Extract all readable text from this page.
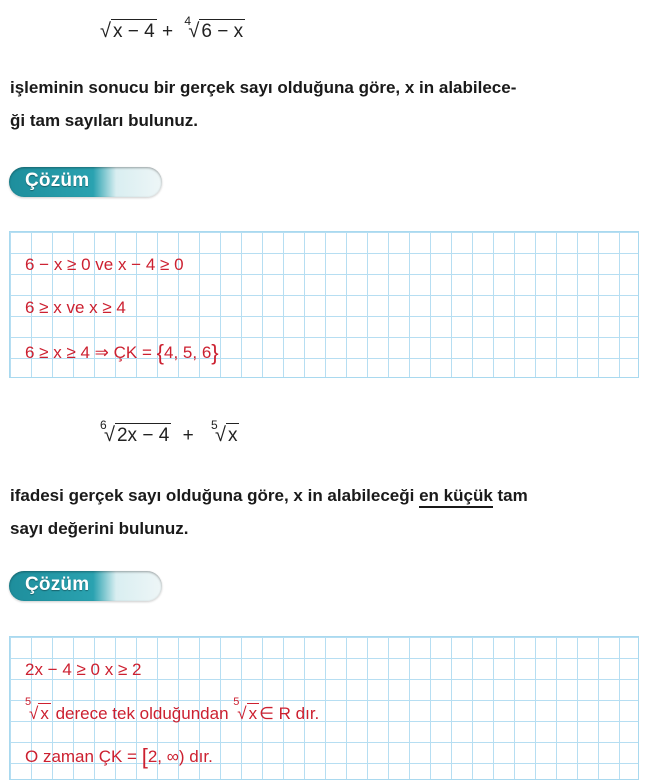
√ x − 4 + 4
√ 6 − x
işleminin sonucu bir gerçek sayı olduğuna göre, x in alabilece-
ği tam sayıları bulunuz.
Çözüm
6 − x ≥ 0 ve x − 4 ≥ 0
6 ≥ x ve x ≥ 4
6 ≥ x ≥ 4 ⇒ ÇK = {4, 5, 6}
6
√ 2x − 4 + 5
√ x
ifadesi gerçek sayı olduğuna göre, x in alabileceği en küçük tam
sayı değerini bulunuz.
Çözüm
2x − 4 ≥ 0 x ≥ 2
5
√ x derece tek olduğundan
5
√ x ∈ R dır.
O zaman ÇK = [2, ∞) dır.
